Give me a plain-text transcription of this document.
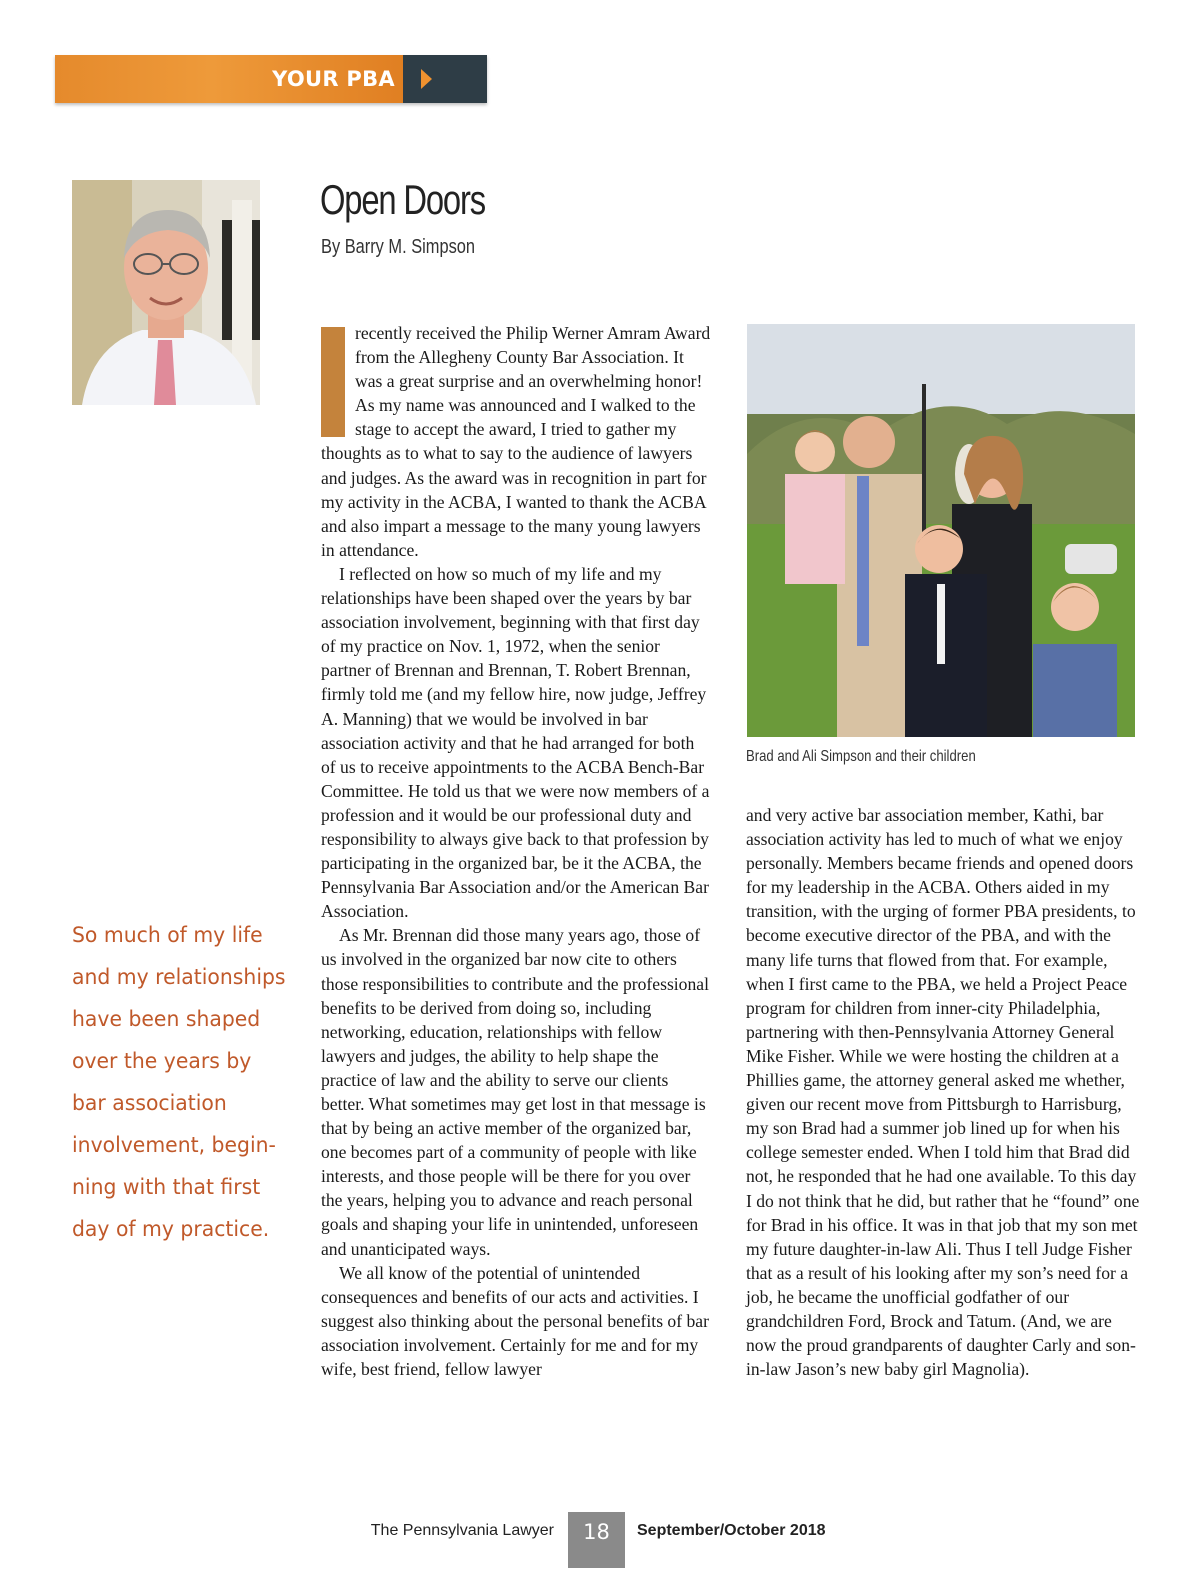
YOUR PBA
Open Doors
By Barry M. Simpson

recently received the Philip Werner Amram Award from the Allegheny County Bar Association. It was a great surprise and an overwhelming honor! As my name was announced and I walked to the stage to accept the award, I tried to gather my thoughts as to what to say to the audience of lawyers and judges. As the award was in recognition in part for my activity in the ACBA, I wanted to thank the ACBA and also impart a message to the many young lawyers in attendance.

I reflected on how so much of my life and my relationships have been shaped over the years by bar association involvement, beginning with that first day of my practice on Nov. 1, 1972, when the senior partner of Brennan and Brennan, T. Robert Brennan, firmly told me (and my fellow hire, now judge, Jeffrey A. Manning) that we would be involved in bar association activity and that he had arranged for both of us to receive appointments to the ACBA Bench-Bar Committee. He told us that we were now members of a profession and it would be our professional duty and responsibility to always give back to that profession by participating in the organized bar, be it the ACBA, the Pennsylvania Bar Association and/or the American Bar Association.

As Mr. Brennan did those many years ago, those of us involved in the organized bar now cite to others those responsibilities to contribute and the professional benefits to be derived from doing so, including networking, education, relationships with fellow lawyers and judges, the ability to help shape the practice of law and the ability to serve our clients better. What sometimes may get lost in that message is that by being an active member of the organized bar, one becomes part of a community of people with like interests, and those people will be there for you over the years, helping you to advance and reach personal goals and shaping your life in unintended, unforeseen and unanticipated ways.

We all know of the potential of unintended consequences and benefits of our acts and activities. I suggest also thinking about the personal benefits of bar association involvement. Certainly for me and for my wife, best friend, fellow lawyer

So much of my life
and my relationships
have been shaped
over the years by
bar association
involvement, begin-
ning with that first
day of my practice.
Brad and Ali Simpson and their children

and very active bar association member, Kathi, bar association activity has led to much of what we enjoy personally. Members became friends and opened doors for my leadership in the ACBA. Others aided in my transition, with the urging of former PBA presidents, to become executive director of the PBA, and with the many life turns that flowed from that. For example, when I first came to the PBA, we held a Project Peace program for children from inner-city Philadelphia, partnering with then-Pennsylvania Attorney General Mike Fisher. While we were hosting the children at a Phillies game, the attorney general asked me whether, given our recent move from Pittsburgh to Harrisburg, my son Brad had a summer job lined up for when his college semester ended. When I told him that Brad did not, he responded that he had one available. To this day I do not think that he did, but rather that he “found” one for Brad in his office. It was in that job that my son met my future daughter-in-law Ali. Thus I tell Judge Fisher that as a result of his looking after my son’s need for a job, he became the unofficial godfather of our grandchildren Ford, Brock and Tatum. (And, we are now the proud grandparents of daughter Carly and son-in-law Jason’s new baby girl Magnolia).

The Pennsylvania Lawyer	18	September/October 2018
